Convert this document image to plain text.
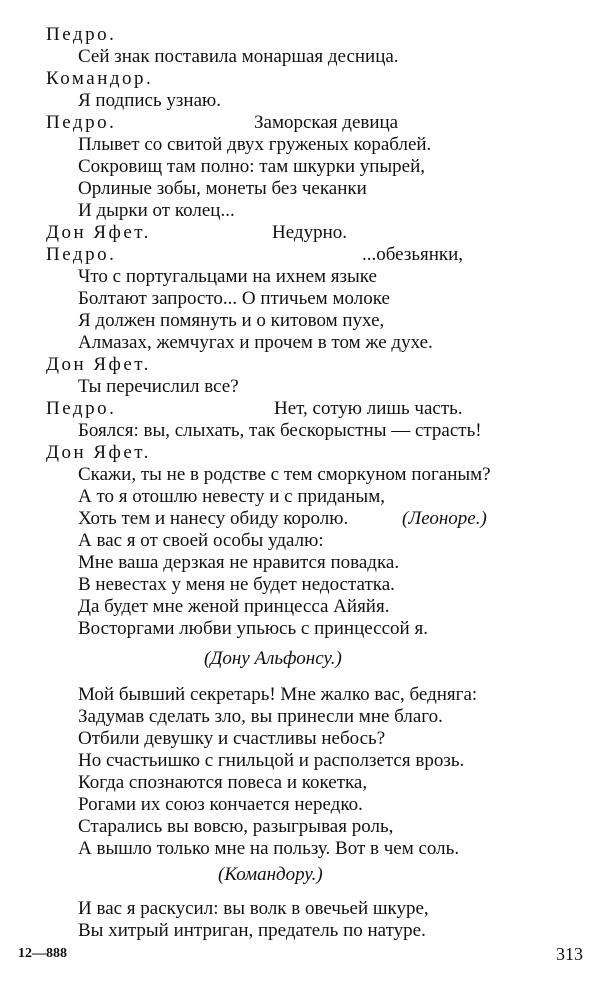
Педро.
Сей знак поставила монаршая десница.
Командор.
Я подпись узнаю.
Педро.	Заморская девица
Плывет со свитой двух груженых кораблей.
Сокровищ там полно: там шкурки упырей,
Орлиные зобы, монеты без чеканки
И дырки от колец...
Дон Яфет.	Недурно.
Педро.	...обезьянки,
Что с португальцами на ихнем языке
Болтают запросто... О птичьем молоке
Я должен помянуть и о китовом пухе,
Алмазах, жемчугах и прочем в том же духе.
Дон Яфет.
Ты перечислил все?
Педро.	Нет, сотую лишь часть.
Боялся: вы, слыхать, так бескорыстны — страсть!
Дон Яфет.
Скажи, ты не в родстве с тем сморкуном поганым?
А то я отошлю невесту и с приданым,
Хоть тем и нанесу обиду королю.	(Леоноре.)
А вас я от своей особы удалю:
Мне ваша дерзкая не нравится повадка.
В невестах у меня не будет недостатка.
Да будет мне женой принцесса Айяйя.
Восторгами любви упьюсь с принцессой я.
(Дону Альфонсу.)
Мой бывший секретарь! Мне жалко вас, бедняга:
Задумав сделать зло, вы принесли мне благо.
Отбили девушку и счастливы небось?
Но счастьишко с гнильцой и расползется врозь.
Когда спознаются повеса и кокетка,
Рогами их союз кончается нередко.
Старались вы вовсю, разыгрывая роль,
А вышло только мне на пользу. Вот в чем соль.
(Командору.)
И вас я раскусил: вы волк в овечьей шкуре,
Вы хитрый интриган, предатель по натуре.
12—888	313
